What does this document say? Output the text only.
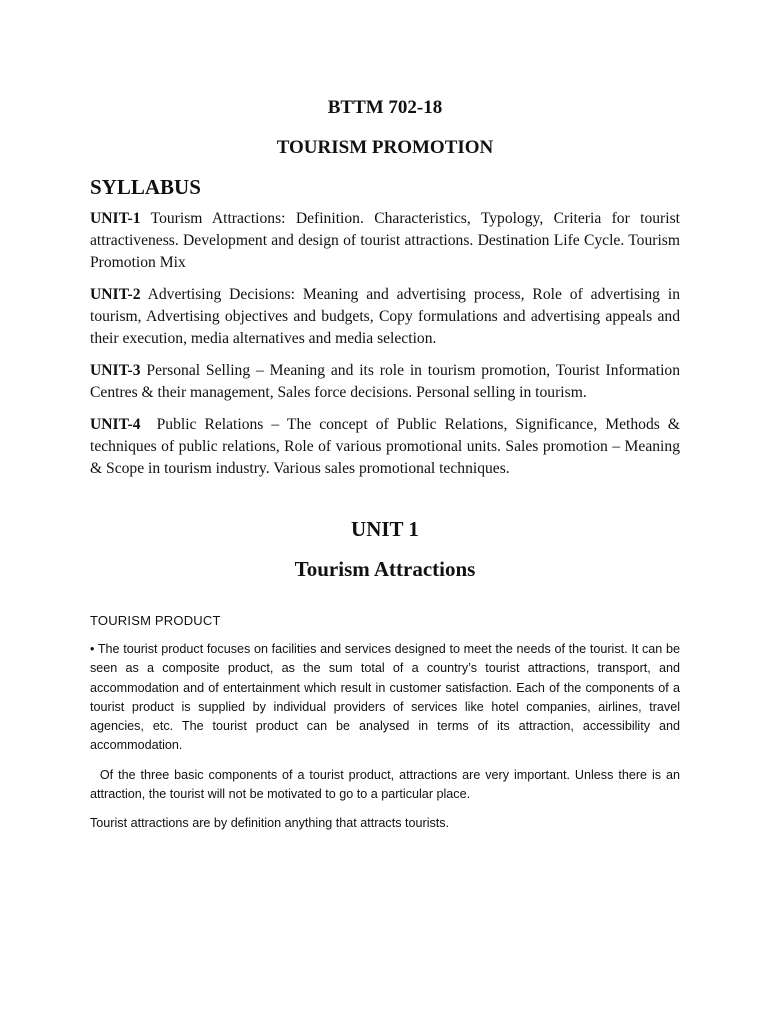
BTTM 702-18

TOURISM PROMOTION

SYLLABUS

UNIT-1 Tourism Attractions: Definition. Characteristics, Typology, Criteria for tourist attractiveness. Development and design of tourist attractions. Destination Life Cycle. Tourism Promotion Mix

UNIT-2 Advertising Decisions: Meaning and advertising process, Role of advertising in tourism, Advertising objectives and budgets, Copy formulations and advertising appeals and their execution, media alternatives and media selection.

UNIT-3 Personal Selling – Meaning and its role in tourism promotion, Tourist Information Centres & their management, Sales force decisions. Personal selling in tourism.

UNIT-4  Public Relations – The concept of Public Relations, Significance, Methods & techniques of public relations, Role of various promotional units. Sales promotion – Meaning & Scope in tourism industry. Various sales promotional techniques.

UNIT 1

Tourism Attractions

TOURISM PRODUCT

• The tourist product focuses on facilities and services designed to meet the needs of the tourist. It can be seen as a composite product, as the sum total of a country’s tourist attractions, transport, and accommodation and of entertainment which result in customer satisfaction. Each of the components of a tourist product is supplied by individual providers of services like hotel companies, airlines, travel agencies, etc. The tourist product can be analysed in terms of its attraction, accessibility and accommodation.

Of the three basic components of a tourist product, attractions are very important. Unless there is an attraction, the tourist will not be motivated to go to a particular place.

Tourist attractions are by definition anything that attracts tourists.
